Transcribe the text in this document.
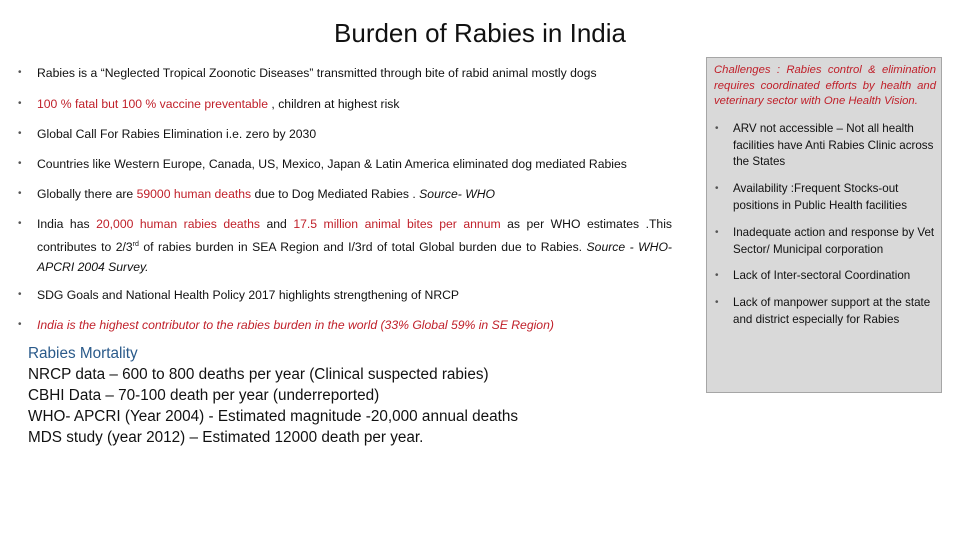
Burden of Rabies in India
•	Rabies is a “Neglected Tropical Zoonotic Diseases” transmitted through bite of rabid animal mostly dogs
•	100 % fatal but 100 % vaccine preventable , children at highest risk
•	Global Call For Rabies Elimination i.e. zero by 2030
•	Countries like Western Europe, Canada, US, Mexico, Japan & Latin America eliminated dog mediated Rabies
•	Globally there are 59000 human deaths due to Dog Mediated Rabies . Source- WHO
•	India has 20,000 human rabies deaths and 17.5 million animal bites per annum as per WHO estimates .This contributes to 2/3rd of rabies burden in SEA Region and I/3rd of total Global burden due to Rabies. Source - WHO-APCRI 2004 Survey.
•	SDG Goals and National Health Policy 2017 highlights strengthening of NRCP
•	India is the highest contributor to the rabies burden in the world (33% Global 59% in SE Region)
Rabies Mortality
NRCP data – 600 to 800 deaths per year (Clinical suspected rabies)
CBHI Data – 70-100 death per year (underreported)
WHO- APCRI (Year 2004) - Estimated magnitude -20,000 annual deaths
MDS study (year 2012) – Estimated 12000 death per year.
Challenges : Rabies control & elimination requires coordinated efforts by health and veterinary sector with One Health Vision.
•	ARV not accessible – Not all health facilities have Anti Rabies Clinic across the States
•	Availability :Frequent Stocks-out positions in Public Health facilities
•	Inadequate action and response by Vet Sector/ Municipal corporation
•	Lack of Inter-sectoral Coordination
•	Lack of manpower support at the state and district especially for Rabies
